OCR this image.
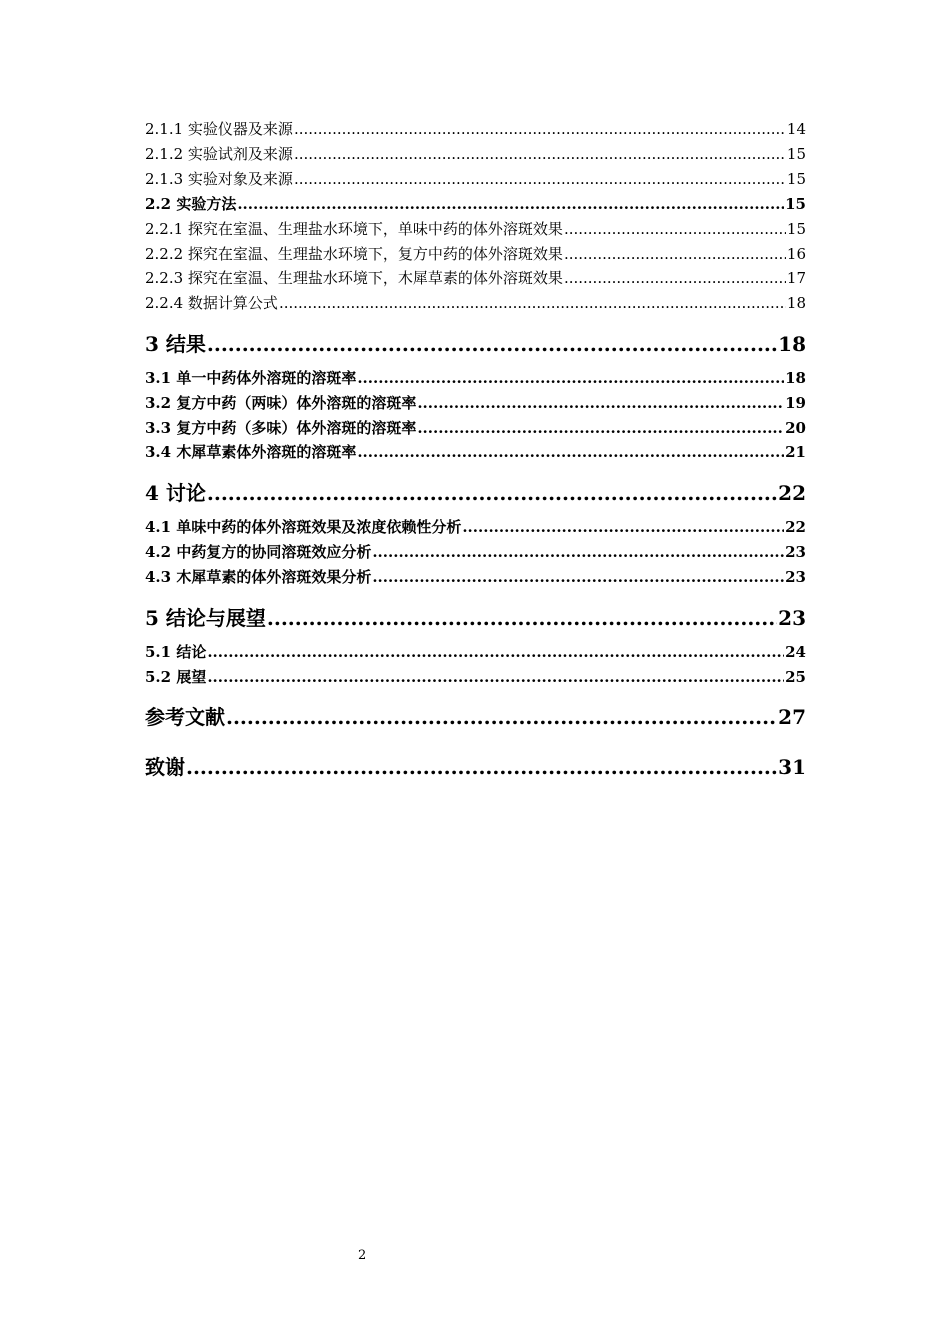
2.1.1 实验仪器及来源 .....	14
2.1.2 实验试剂及来源 .....	15
2.1.3 实验对象及来源 .....	15
2.2 实验方法 .....	15
2.2.1 探究在室温、生理盐水环境下，单味中药的体外溶斑效果 .....	15
2.2.2 探究在室温、生理盐水环境下，复方中药的体外溶斑效果 .....	16
2.2.3 探究在室温、生理盐水环境下，木犀草素的体外溶斑效果 .....	17
2.2.4 数据计算公式 .....	18
3 结果 .....	18
3.1 单一中药体外溶斑的溶斑率 .....	18
3.2 复方中药（两味）体外溶斑的溶斑率 .....	19
3.3 复方中药（多味）体外溶斑的溶斑率 .....	20
3.4 木犀草素体外溶斑的溶斑率 .....	21
4 讨论 .....	22
4.1 单味中药的体外溶斑效果及浓度依赖性分析 .....	22
4.2 中药复方的协同溶斑效应分析 .....	23
4.3 木犀草素的体外溶斑效果分析 .....	23
5 结论与展望 .....	23
5.1 结论 .....	24
5.2 展望 .....	25
参考文献 .....	27
致谢 .....	31
2
